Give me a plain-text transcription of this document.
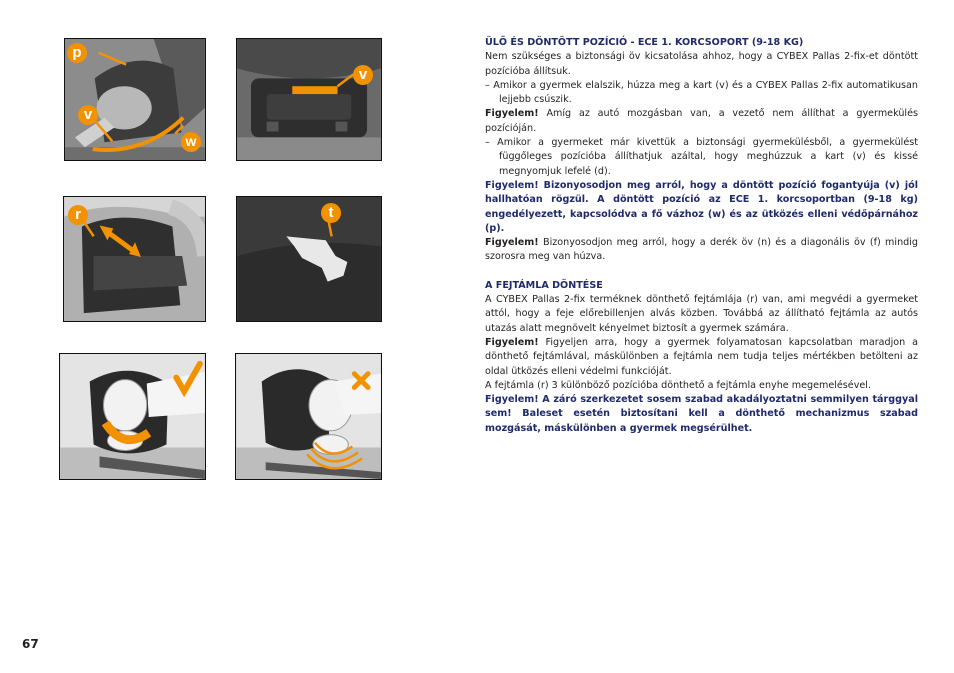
p
v
w
v
r	t

ÜLŐ ÉS DÖNTÖTT POZÍCIÓ - ECE 1. KORCSOPORT (9-18 KG)

Nem szükséges a biztonsági öv kicsatolása ahhoz, hogy a CYBEX Pallas 2-fix-et döntött pozícióba állítsuk.

– Amikor a gyermek elalszik, húzza meg a kart (v) és a CYBEX Pallas 2-fix automatikusan lejjebb csúszik.

Figyelem! Amíg az autó mozgásban van, a vezető nem állíthat a gyermekülés pozícióján.

– Amikor a gyermeket már kivettük a biztonsági gyermekülésből, a gyermekülést függőleges pozícióba állíthatjuk azáltal, hogy meghúzzuk a kart (v) és kissé megnyomjuk lefelé (d).

Figyelem! Bizonyosodjon meg arról, hogy a döntött pozíció fogantyúja (v) jól hallhatóan rögzül. A döntött pozíció az ECE 1. korcsoportban (9-18 kg) engedélyezett, kapcsolódva a fő vázhoz (w) és az ütközés elleni védőpárnához (p).

Figyelem! Bizonyosodjon meg arról, hogy a derék öv (n) és a diagonális öv (f) mindig szorosra meg van húzva.

A FEJTÁMLA DÖNTÉSE

A CYBEX Pallas 2-fix terméknek dönthető fejtámlája (r) van, ami megvédi a gyermeket attól, hogy a feje előrebillenjen alvás közben. Továbbá az állítható fejtámla az autós utazás alatt megnövelt kényelmet biztosít a gyermek számára.

Figyelem! Figyeljen arra, hogy a gyermek folyamatosan kapcsolatban maradjon a dönthető fejtámlával, máskülönben a fejtámla nem tudja teljes mértékben betölteni az oldal ütközés elleni védelmi funkcióját.

A fejtámla (r) 3 különböző pozícióba dönthető a fejtámla enyhe megemelésével.

Figyelem! A záró szerkezetet sosem szabad akadályoztatni semmilyen tárggyal sem! Baleset esetén biztosítani kell a dönthető mechanizmus szabad mozgását, máskülönben a gyermek megsérülhet.

67
